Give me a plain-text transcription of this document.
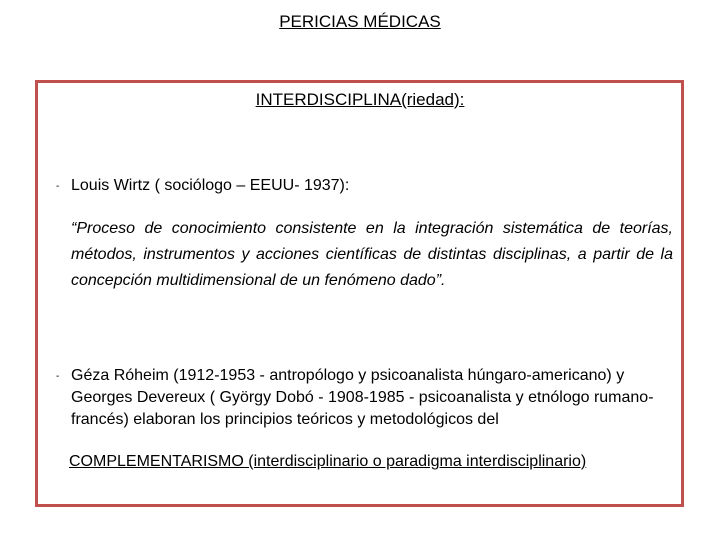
PERICIAS MÉDICAS
INTERDISCIPLINA(riedad):
- Louis Wirtz ( sociólogo – EEUU- 1937):
“Proceso de conocimiento consistente en la integración sistemática de teorías, métodos, instrumentos y acciones científicas de distintas disciplinas, a partir de la concepción multidimensional de un fenómeno dado”.
- Géza Róheim (1912-1953 - antropólogo y psicoanalista húngaro-americano) y Georges Devereux ( György Dobó - 1908-1985 - psicoanalista y etnólogo rumano-francés) elaboran los principios teóricos y metodológicos del
COMPLEMENTARISMO (interdisciplinario o paradigma interdisciplinario)
